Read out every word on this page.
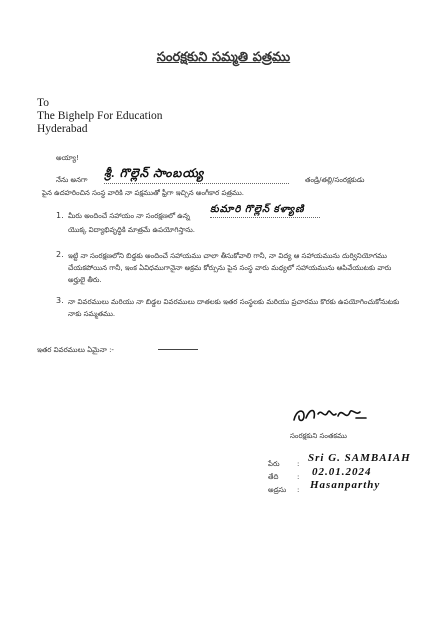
సంరక్షకుని సమ్మతి పత్రము
To
The Bighelp For Education
Hyderabad
అయ్యా!
నేను అనగా శ్రీ. గొల్లెన్ సాంబయ్య	తండ్రి/తల్లి/సంరక్షకుడు
పైన ఉదహరించిన సంస్థ వారికి నా పక్షముతో ఫ్రీగా ఇచ్చిన అంగీకార పత్రము.
1. మీరు అందించే సహాయం నా సంరక్షణలో ఉన్న
కుమారి గొల్లెన్ కళ్యాణి
యొక్క విద్యాభివృద్ధికి మాత్రమే ఉపయోగిస్తాను.
2. ఇట్టి నా సంరక్షణలోని బిడ్డకు అందించే సహాయము చాలా తీసుకోవాలి గానీ, నా విద్య ఆ సహాయమును దుర్వినియోగము చేయకపోయిన గానీ, ఇంక ఏవిధముగానైనా అక్రమ కోర్సును పైన సంస్థ వారు మధ్యలో సహాయమును ఆపివేయుటకు వారు అర్హులై తీరు.
3. నా వివరములు మరియు నా బిడ్డల వివరములు దాతలకు ఇతర సంస్థలకు మరియు ప్రచారము కొరకు ఉపయోగించుకోనుటకు నాకు సమ్మతము.
ఇతర వివరములు ఏమైనా :-
సంరక్షకుని సంతకము
పేరు : Sri G. SAMBAIAH
తేది	: 02.01.2024
అడ్రసు : Hasanparthy
